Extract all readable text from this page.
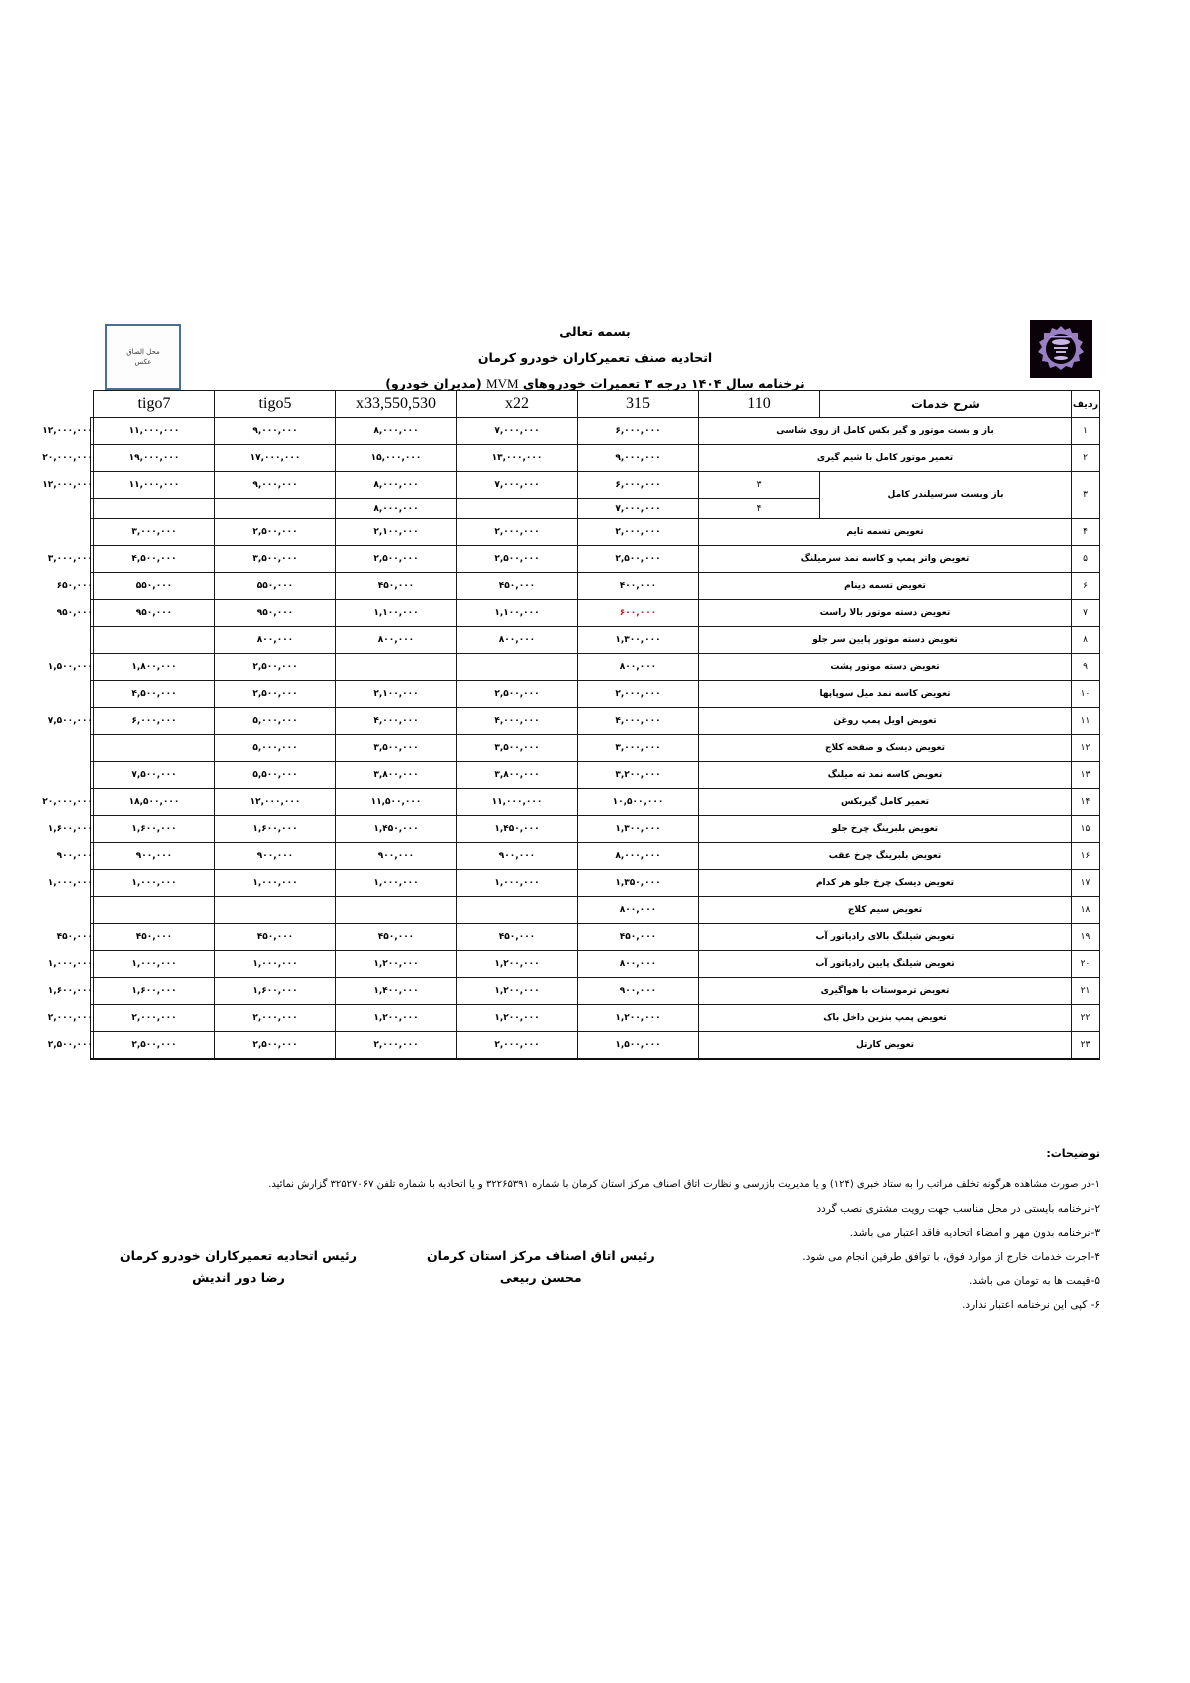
محل الصاق
عکس
بسمه تعالی
اتحادیه صنف تعمیرکاران خودرو کرمان
نرخنامه سال ۱۴۰۴ درجه ۳ تعمیرات خودروهای MVM (مدیران خودرو)
ردیف	شرح خدمات	110	315	x22	x33,550,530	tigo5	tigo7	
۱	باز و بست موتور و گیر بکس کامل از روی شاسی		۶,۰۰۰,۰۰۰	۷,۰۰۰,۰۰۰	۸,۰۰۰,۰۰۰	۹,۰۰۰,۰۰۰	۱۱,۰۰۰,۰۰۰	۱۲,۰۰۰,۰۰۰
۲	تعمیر موتور کامل با شیم گیری		۹,۰۰۰,۰۰۰	۱۳,۰۰۰,۰۰۰	۱۵,۰۰۰,۰۰۰	۱۷,۰۰۰,۰۰۰	۱۹,۰۰۰,۰۰۰	۲۰,۰۰۰,۰۰۰
۳	باز وبست سرسیلندر کامل	۳	۶,۰۰۰,۰۰۰	۷,۰۰۰,۰۰۰	۸,۰۰۰,۰۰۰	۹,۰۰۰,۰۰۰	۱۱,۰۰۰,۰۰۰	۱۲,۰۰۰,۰۰۰
		۴	۷,۰۰۰,۰۰۰		۸,۰۰۰,۰۰۰			
۴	تعویض تسمه تایم		۲,۰۰۰,۰۰۰	۲,۰۰۰,۰۰۰	۲,۱۰۰,۰۰۰	۲,۵۰۰,۰۰۰	۳,۰۰۰,۰۰۰	
۵	تعویض واتر پمپ و کاسه نمد سرمیلنگ		۲,۵۰۰,۰۰۰	۲,۵۰۰,۰۰۰	۲,۵۰۰,۰۰۰	۳,۵۰۰,۰۰۰	۴,۵۰۰,۰۰۰	۳,۰۰۰,۰۰۰
۶	تعویض تسمه دینام		۴۰۰,۰۰۰	۴۵۰,۰۰۰	۴۵۰,۰۰۰	۵۵۰,۰۰۰	۵۵۰,۰۰۰	۶۵۰,۰۰۰
۷	تعویض دسته موتور بالا راست		۶۰۰,۰۰۰	۱,۱۰۰,۰۰۰	۱,۱۰۰,۰۰۰	۹۵۰,۰۰۰	۹۵۰,۰۰۰	۹۵۰,۰۰۰
۸	تعویض دسته موتور پایین سر جلو		۱,۳۰۰,۰۰۰	۸۰۰,۰۰۰	۸۰۰,۰۰۰	۸۰۰,۰۰۰		
۹	تعویض دسته موتور پشت		۸۰۰,۰۰۰			۲,۵۰۰,۰۰۰	۱,۸۰۰,۰۰۰	۱,۵۰۰,۰۰۰
۱۰	تعویض کاسه نمد میل سوپاپها		۲,۰۰۰,۰۰۰	۲,۵۰۰,۰۰۰	۲,۱۰۰,۰۰۰	۲,۵۰۰,۰۰۰	۴,۵۰۰,۰۰۰	
۱۱	تعویض اویل پمپ روغن		۴,۰۰۰,۰۰۰	۴,۰۰۰,۰۰۰	۴,۰۰۰,۰۰۰	۵,۰۰۰,۰۰۰	۶,۰۰۰,۰۰۰	۷,۵۰۰,۰۰۰
۱۲	تعویض دیسک و صفحه کلاج		۳,۰۰۰,۰۰۰	۳,۵۰۰,۰۰۰	۳,۵۰۰,۰۰۰	۵,۰۰۰,۰۰۰		
۱۳	تعویض کاسه نمد ته میلنگ		۳,۲۰۰,۰۰۰	۳,۸۰۰,۰۰۰	۳,۸۰۰,۰۰۰	۵,۵۰۰,۰۰۰	۷,۵۰۰,۰۰۰	
۱۴	تعمیر کامل گیربکس		۱۰,۵۰۰,۰۰۰	۱۱,۰۰۰,۰۰۰	۱۱,۵۰۰,۰۰۰	۱۲,۰۰۰,۰۰۰	۱۸,۵۰۰,۰۰۰	۲۰,۰۰۰,۰۰۰
۱۵	تعویض بلبرینگ چرخ جلو		۱,۳۰۰,۰۰۰	۱,۴۵۰,۰۰۰	۱,۴۵۰,۰۰۰	۱,۶۰۰,۰۰۰	۱,۶۰۰,۰۰۰	۱,۶۰۰,۰۰۰
۱۶	تعویض بلبرینگ چرخ عقب		۸,۰۰۰,۰۰۰	۹۰۰,۰۰۰	۹۰۰,۰۰۰	۹۰۰,۰۰۰	۹۰۰,۰۰۰	۹۰۰,۰۰۰
۱۷	تعویض دیسک چرخ جلو هر کدام		۱,۳۵۰,۰۰۰	۱,۰۰۰,۰۰۰	۱,۰۰۰,۰۰۰	۱,۰۰۰,۰۰۰	۱,۰۰۰,۰۰۰	۱,۰۰۰,۰۰۰
۱۸	تعویض سیم کلاج		۸۰۰,۰۰۰					
۱۹	تعویض شیلنگ بالای رادیاتور آب		۴۵۰,۰۰۰	۴۵۰,۰۰۰	۴۵۰,۰۰۰	۴۵۰,۰۰۰	۴۵۰,۰۰۰	۴۵۰,۰۰۰
۲۰	تعویض شیلنگ پایین رادیاتور آب		۸۰۰,۰۰۰	۱,۲۰۰,۰۰۰	۱,۲۰۰,۰۰۰	۱,۰۰۰,۰۰۰	۱,۰۰۰,۰۰۰	۱,۰۰۰,۰۰۰
۲۱	تعویض ترموستات با هواگیری		۹۰۰,۰۰۰	۱,۲۰۰,۰۰۰	۱,۴۰۰,۰۰۰	۱,۶۰۰,۰۰۰	۱,۶۰۰,۰۰۰	۱,۶۰۰,۰۰۰
۲۲	تعویض پمپ بنزین داخل باک		۱,۲۰۰,۰۰۰	۱,۲۰۰,۰۰۰	۱,۲۰۰,۰۰۰	۲,۰۰۰,۰۰۰	۲,۰۰۰,۰۰۰	۲,۰۰۰,۰۰۰
۲۳	تعویض کارتل		۱,۵۰۰,۰۰۰	۲,۰۰۰,۰۰۰	۲,۰۰۰,۰۰۰	۲,۵۰۰,۰۰۰	۲,۵۰۰,۰۰۰	۲,۵۰۰,۰۰۰
توضیحات:
۱-در صورت مشاهده هرگونه تخلف مراتب را به ستاد خبری (۱۲۴) و یا مدیریت بازرسی و نظارت اتاق اصناف مرکز استان کرمان با شماره ۳۲۲۶۵۳۹۱ و یا اتحادیه با شماره تلفن ۳۲۵۲۷۰۶۷ گزارش نمائید.
۲-نرخنامه بایستی در محل مناسب جهت رویت مشتری نصب گردد
۳-نرخنامه بدون مهر و امضاء اتحادیه فاقد اعتبار می باشد.
۴-اجرت خدمات خارج از موارد فوق، با توافق طرفین انجام می شود.
۵-قیمت ها به تومان می باشد.
۶- کپی این نرخنامه اعتبار ندارد.
رئیس اتحادیه تعمیرکاران خودرو کرمان
رضا دور اندیش
رئیس اتاق اصناف مرکز استان کرمان
محسن ربیعی
